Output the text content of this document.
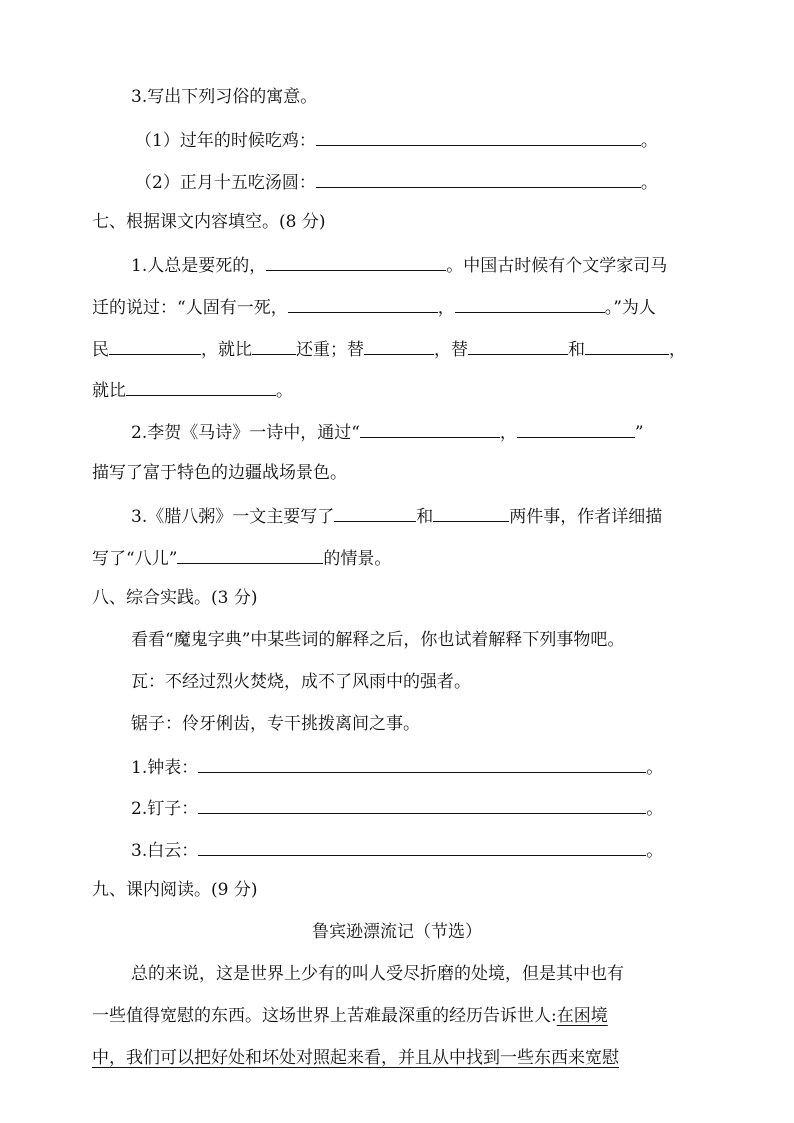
3.写出下列习俗的寓意。
（1）过年的时候吃鸡：	。
（2）正月十五吃汤圆：	。
七、根据课文内容填空。(8 分)
1.人总是要死的，	。中国古时候有个文学家司马
迁的说过：“人固有一死，	，	。”为人
民	，就比	还重；替	，替	和	，
就比	。
2.李贺《马诗》一诗中，通过“	，	”
描写了富于特色的边疆战场景色。
3.《腊八粥》一文主要写了	和	两件事，作者详细描
写了“八儿”	的情景。
八、综合实践。(3 分)
看看“魔鬼字典”中某些词的解释之后，你也试着解释下列事物吧。
瓦：不经过烈火焚烧，成不了风雨中的强者。
锯子：伶牙俐齿，专干挑拨离间之事。
1.钟表：	。
2.钉子：	。
3.白云：	。
九、课内阅读。(9 分)
鲁宾逊漂流记（节选）
总的来说，这是世界上少有的叫人受尽折磨的处境，但是其中也有
一些值得宽慰的东西。这场世界上苦难最深重的经历告诉世人:在困境
中，我们可以把好处和坏处对照起来看，并且从中找到一些东西来宽慰
